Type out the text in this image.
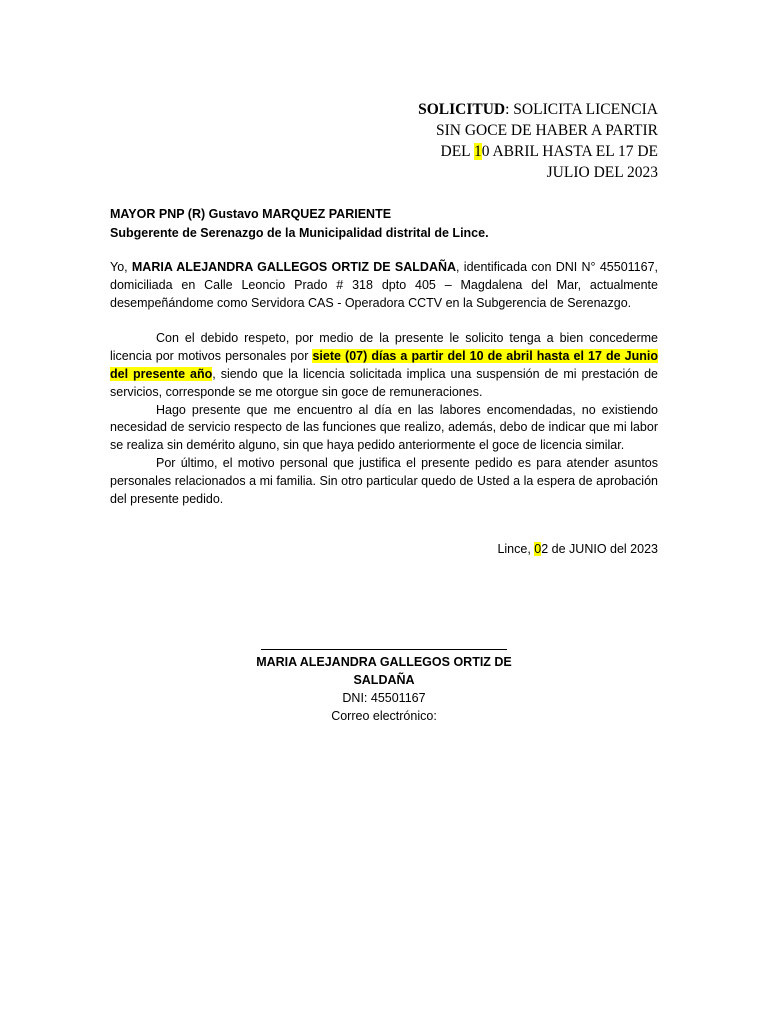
SOLICITUD: SOLICITA LICENCIA
SIN GOCE DE HABER A PARTIR
DEL 10 ABRIL HASTA EL 17 DE
JULIO DEL 2023
MAYOR PNP (R) Gustavo MARQUEZ PARIENTE
Subgerente de Serenazgo de la Municipalidad distrital de Lince.

Yo, MARIA ALEJANDRA GALLEGOS ORTIZ DE SALDAÑA, identificada con DNI N° 45501167, domiciliada en Calle Leoncio Prado # 318 dpto 405 – Magdalena del Mar, actualmente desempeñándome como Servidora CAS - Operadora CCTV en la Subgerencia de Serenazgo.

Con el debido respeto, por medio de la presente le solicito tenga a bien concederme licencia por motivos personales por siete (07) días a partir del 10 de abril hasta el 17 de Junio del presente año, siendo que la licencia solicitada implica una suspensión de mi prestación de servicios, corresponde se me otorgue sin goce de remuneraciones.

Hago presente que me encuentro al día en las labores encomendadas, no existiendo necesidad de servicio respecto de las funciones que realizo, además, debo de indicar que mi labor se realiza sin demérito alguno, sin que haya pedido anteriormente el goce de licencia similar.

Por último, el motivo personal que justifica el presente pedido es para atender asuntos personales relacionados a mi familia. Sin otro particular quedo de Usted a la espera de aprobación del presente pedido.

Lince, 02 de JUNIO del 2023
MARIA ALEJANDRA GALLEGOS ORTIZ DE SALDAÑA
DNI: 45501167
Correo electrónico:
